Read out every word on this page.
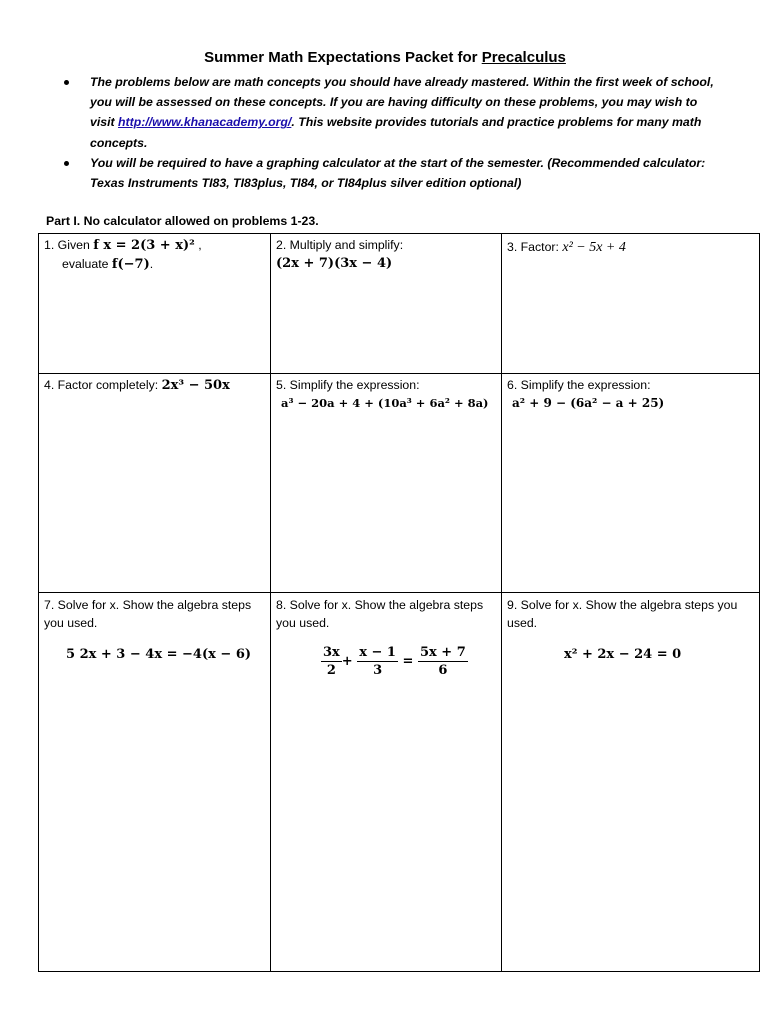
Summer Math Expectations Packet for Precalculus
The problems below are math concepts you should have already mastered. Within the first week of school, you will be assessed on these concepts. If you are having difficulty on these problems, you may wish to visit http://www.khanacademy.org/. This website provides tutorials and practice problems for many math concepts.
You will be required to have a graphing calculator at the start of the semester. (Recommended calculator: Texas Instruments TI83, TI83plus, TI84, or TI84plus silver edition optional)
Part I. No calculator allowed on problems 1-23.
1. Given f x = 2(3 + x)² ,
evaluate f(−7).
2. Multiply and simplify:
(2x + 7)(3x − 4)
3. Factor: x² − 5x + 4
4. Factor completely: 2x³ − 50x	5. Simplify the expression:
a³ − 20a + 4 + (10a³ + 6a² + 8a)
6. Simplify the expression:
a² + 9 − (6a² − a + 25)
7. Solve for x. Show the algebra steps you used.
5 2x + 3 − 4x = −4(x − 6)
8. Solve for x. Show the algebra steps you used.
$\frac{3x}{2} + \frac{x - 1}{3} = \frac{5x + 7}{6}$
9. Solve for x. Show the algebra steps you used.
x² + 2x − 24 = 0
